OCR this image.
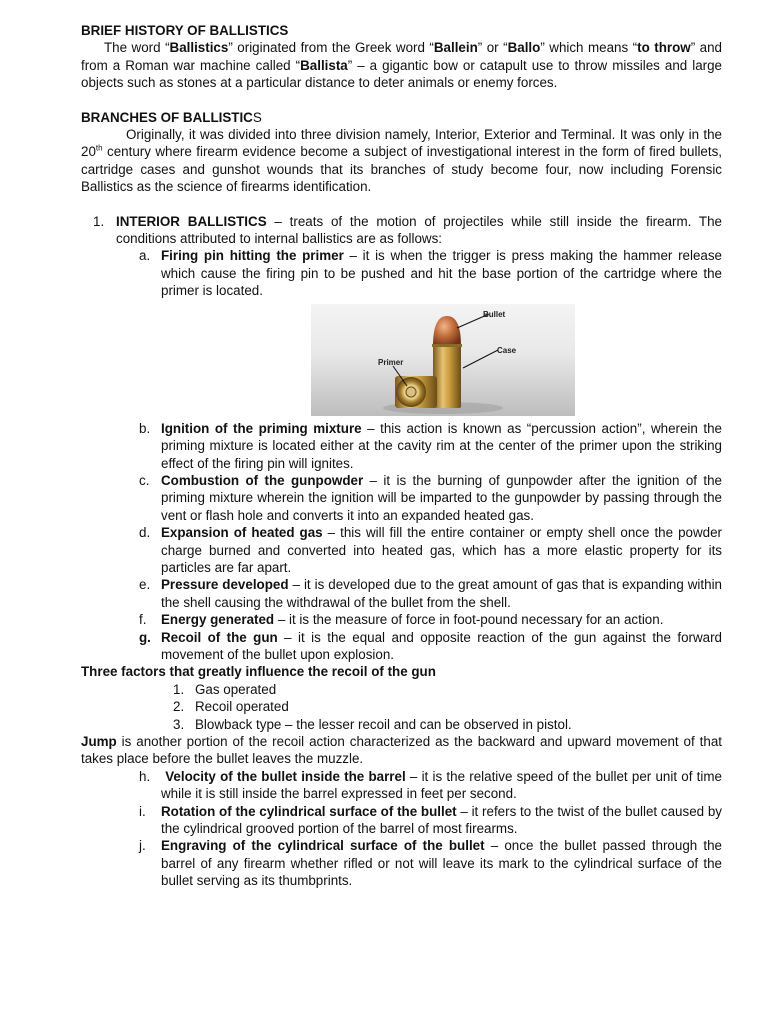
BRIEF HISTORY OF BALLISTICS

The word “Ballistics” originated from the Greek word “Ballein” or “Ballo” which means “to throw” and from a Roman war machine called “Ballista” – a gigantic bow or catapult use to throw missiles and large objects such as stones at a particular distance to deter animals or enemy forces.

BRANCHES OF BALLISTICS

Originally, it was divided into three division namely, Interior, Exterior and Terminal. It was only in the 20th century where firearm evidence become a subject of investigational interest in the form of fired bullets, cartridge cases and gunshot wounds that its branches of study become four, now including Forensic Ballistics as the science of firearms identification.

1. INTERIOR BALLISTICS – treats of the motion of projectiles while still inside the firearm. The conditions attributed to internal ballistics are as follows:
a. Firing pin hitting the primer – it is when the trigger is press making the hammer release which cause the firing pin to be pushed and hit the base portion of the cartridge where the primer is located.
Bullet
Case
Primer
b. Ignition of the priming mixture – this action is known as “percussion action”, wherein the priming mixture is located either at the cavity rim at the center of the primer upon the striking effect of the firing pin will ignites.
c. Combustion of the gunpowder – it is the burning of gunpowder after the ignition of the priming mixture wherein the ignition will be imparted to the gunpowder by passing through the vent or flash hole and converts it into an expanded heated gas.
d. Expansion of heated gas – this will fill the entire container or empty shell once the powder charge burned and converted into heated gas, which has a more elastic property for its particles are far apart.
e. Pressure developed – it is developed due to the great amount of gas that is expanding within the shell causing the withdrawal of the bullet from the shell.
f. Energy generated – it is the measure of force in foot-pound necessary for an action.
g. Recoil of the gun – it is the equal and opposite reaction of the gun against the forward movement of the bullet upon explosion.

Three factors that greatly influence the recoil of the gun

1. Gas operated
2. Recoil operated
3. Blowback type – the lesser recoil and can be observed in pistol.

Jump is another portion of the recoil action characterized as the backward and upward movement of that takes place before the bullet leaves the muzzle.

h. Velocity of the bullet inside the barrel – it is the relative speed of the bullet per unit of time while it is still inside the barrel expressed in feet per second.
i. Rotation of the cylindrical surface of the bullet – it refers to the twist of the bullet caused by the cylindrical grooved portion of the barrel of most firearms.
j. Engraving of the cylindrical surface of the bullet – once the bullet passed through the barrel of any firearm whether rifled or not will leave its mark to the cylindrical surface of the bullet serving as its thumbprints.
